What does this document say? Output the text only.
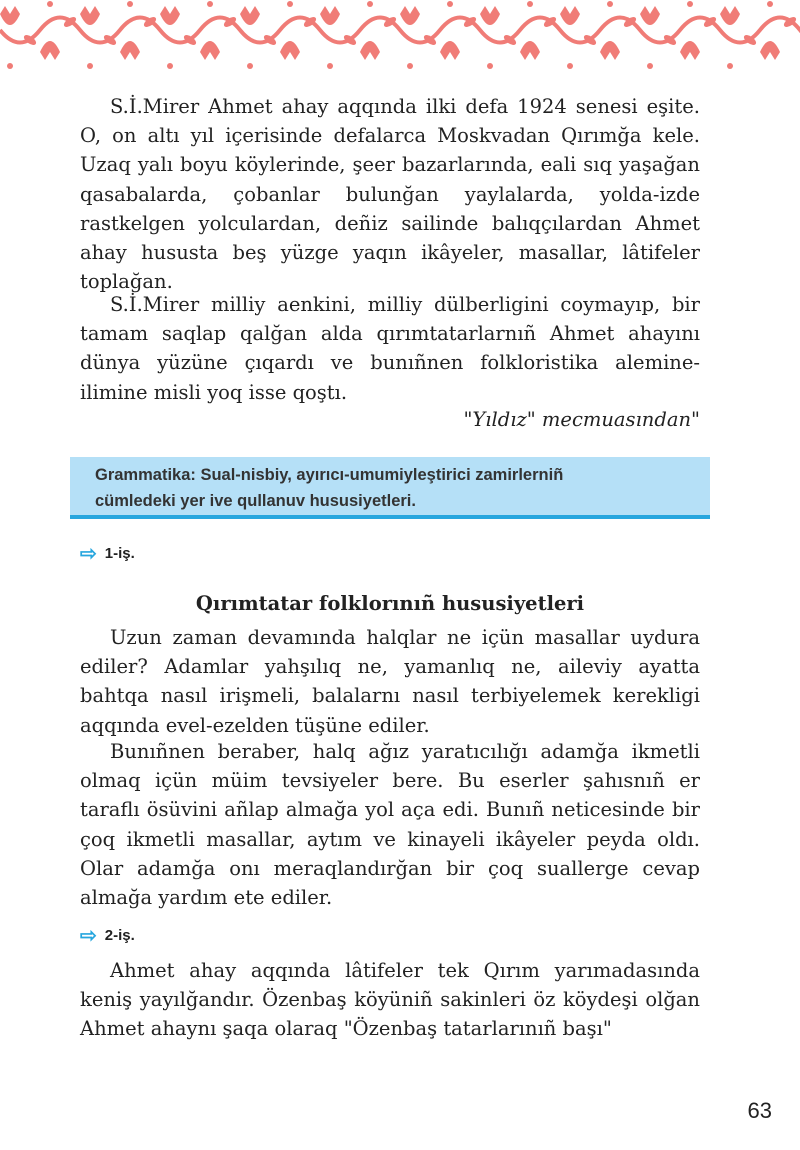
S.İ.Mirer Ahmet ahay aqqında ilki defa 1924 senesi eşite. O, on altı yıl içerisinde defalarca Moskvadan Qırımğa kele. Uzaq yalı boyu köylerinde, şeer bazarlarında, eali sıq yaşağan qasabalarda, çobanlar bulunğan yaylalarda, yolda-izde rastkelgen yolculardan, deñiz sailinde balıqçılardan Ahmet ahay hususta beş yüzge yaqın ikâyeler, masallar, lâtifeler toplağan.
S.İ.Mirer milliy aenkini, milliy dülberligini coymayıp, bir tamam saqlap qalğan alda qırımtatarlarnıñ Ahmet ahayını dünya yüzüne çıqardı ve bunıñnen folkloristika alemine-ilimine misli yoq isse qoştı.
"Yıldız" mecmuasından"
Grammatika: Sual-nisbiy, ayırıcı-umumiyleştirici zamirlerniñ
cümledeki yer ive qullanuv hususiyetleri.
⇨ 1-iş.
Qırımtatar folklorınıñ hususiyetleri
Uzun zaman devamında halqlar ne içün masallar uydura ediler? Adamlar yahşılıq ne, yamanlıq ne, aileviy ayatta bahtqa nasıl irişmeli, balalarnı nasıl terbiyelemek kerekligi aqqında evel-ezelden tüşüne ediler.
Bunıñnen beraber, halq ağız yaratıcılığı adamğa ikmetli olmaq içün müim tevsiyeler bere. Bu eserler şahısnıñ er taraflı ösüvini añlap almağa yol aça edi. Bunıñ neticesinde bir çoq ikmetli masallar, aytım ve kinayeli ikâyeler peyda oldı. Olar adamğa onı meraqlandırğan bir çoq suallerge cevap almağa yardım ete ediler.
⇨ 2-iş.
Ahmet ahay aqqında lâtifeler tek Qırım yarımadasında keniş yayılğandır. Özenbaş köyüniñ sakinleri öz köydeşi olğan Ahmet ahaynı şaqa olaraq "Özenbaş tatarlarınıñ başı"
63
